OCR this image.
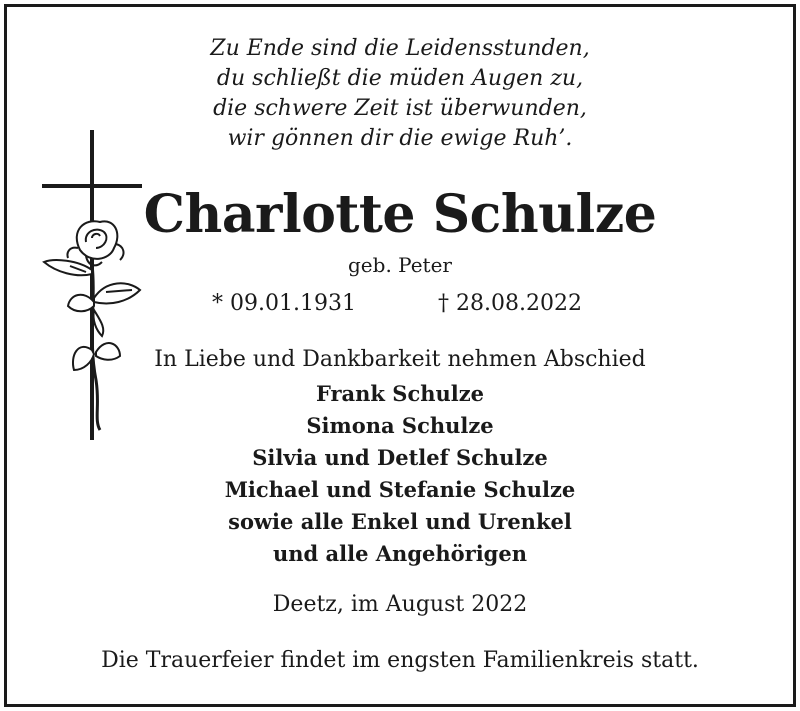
Zu Ende sind die Leidensstunden,
du schließt die müden Augen zu,
die schwere Zeit ist überwunden,
wir gönnen dir die ewige Ruh’.
Charlotte Schulze
geb. Peter
* 09.01.1931	† 28.08.2022
In Liebe und Dankbarkeit nehmen Abschied
Frank Schulze
Simona Schulze
Silvia und Detlef Schulze
Michael und Stefanie Schulze
sowie alle Enkel und Urenkel
und alle Angehörigen
Deetz, im August 2022
Die Trauerfeier findet im engsten Familienkreis statt.
